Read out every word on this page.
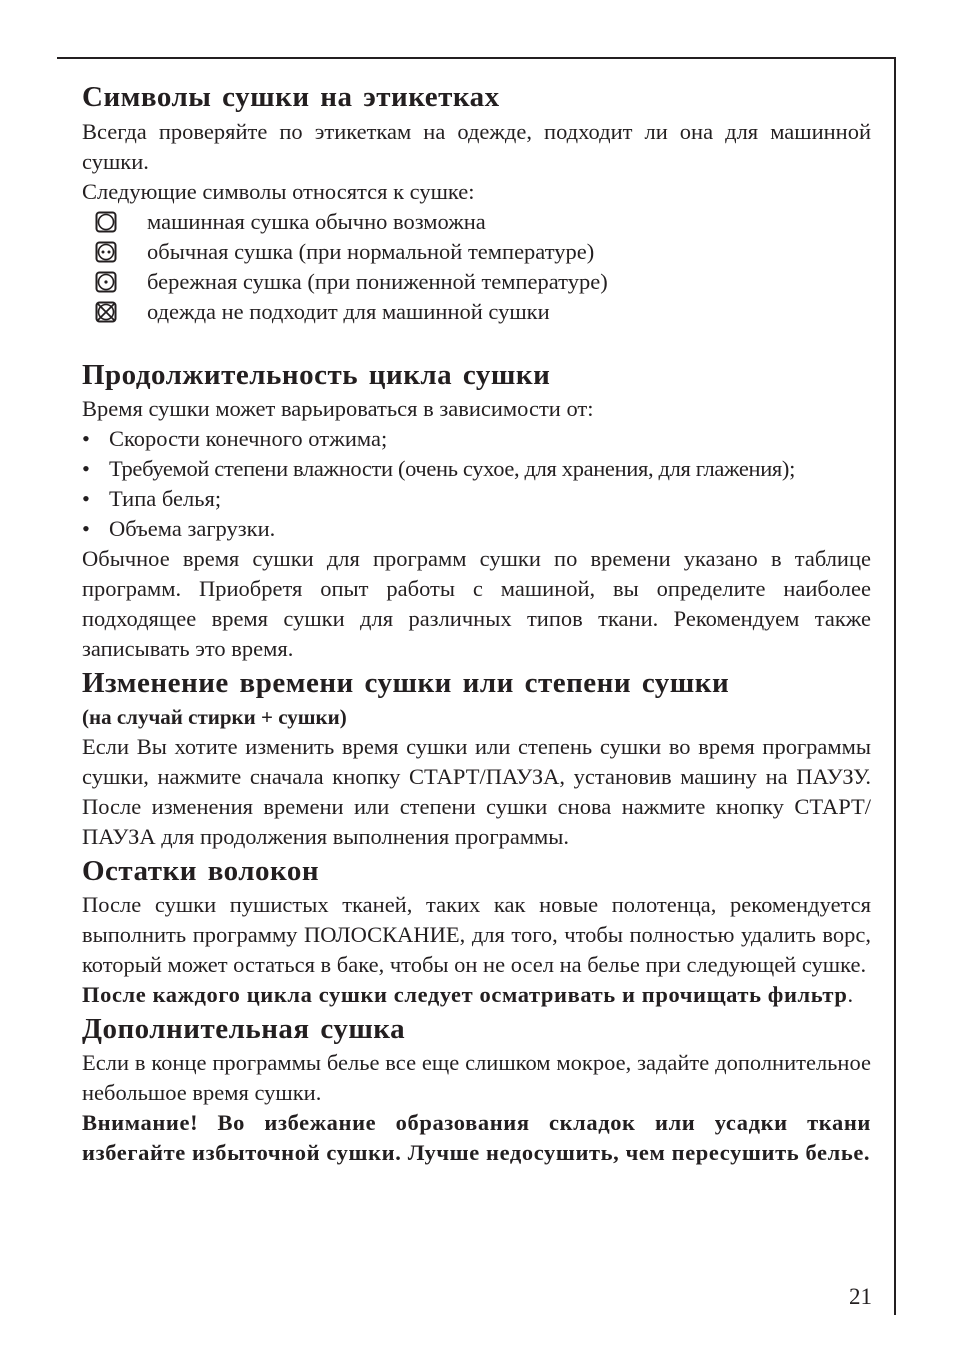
Символы сушки на этикетках

Всегда проверяйте по этикеткам на одежде, подходит ли она для машинной сушки.

Следующие символы относятся к сушке:

машинная сушка обычно возможна
обычная сушка (при нормальной температуре)
бережная сушка (при пониженной температуре)
одежда не подходит для машинной сушки
Продолжительность цикла сушки

Время сушки может варьироваться в зависимости от:

• Скорости конечного отжима;
• Требуемой степени влажности (очень сухое, для хранения, для глажения);
• Типа белья;
• Объема загрузки.

Обычное время сушки для программ сушки по времени указано в таблице программ. Приобретя опыт работы с машиной, вы определите наиболее подходящее время сушки для различных типов ткани. Рекомендуем также записывать это время.

Изменение времени сушки или степени сушки

(на случай стирки + сушки)

Если Вы хотите изменить время сушки или степень сушки во время программы сушки, нажмите сначала кнопку СТАРТ/ПАУЗА, установив машину на ПАУЗУ. После изменения времени или степени сушки снова нажмите кнопку СТАРТ/ПАУЗА для продолжения выполнения программы.

Остатки волокон

После сушки пушистых тканей, таких как новые полотенца, рекомендуется выполнить программу ПОЛОСКАНИЕ, для того, чтобы полностью удалить ворс, который может остаться в баке, чтобы он не осел на белье при следующей сушке.

После каждого цикла сушки следует осматривать и прочищать фильтр.

Дополнительная сушка

Если в конце программы белье все еще слишком мокрое, задайте дополнительное небольшое время сушки.

Внимание! Во избежание образования складок или усадки ткани избегайте избыточной сушки. Лучше недосушить, чем пересушить белье.

21
